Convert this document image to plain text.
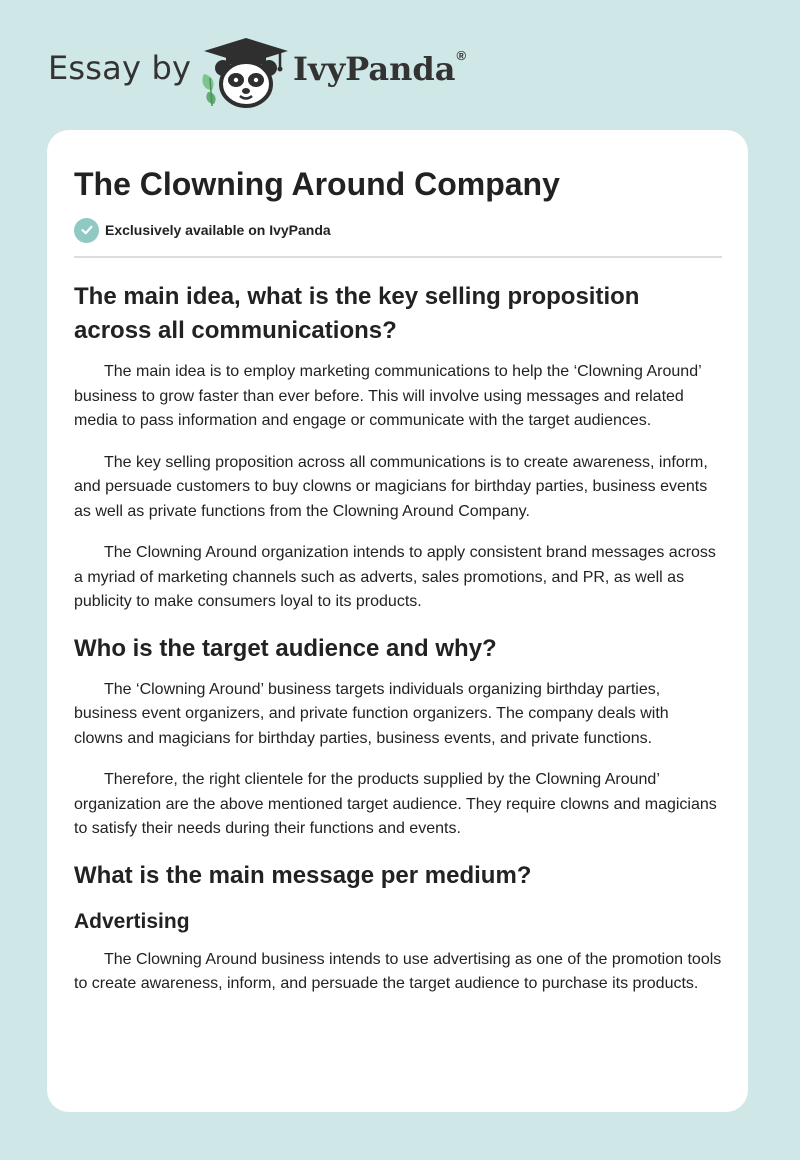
Essay by	IvyPanda®
The Clowning Around Company
Exclusively available on IvyPanda
The main idea, what is the key selling proposition across all communications?

The main idea is to employ marketing communications to help the ‘Clowning Around’ business to grow faster than ever before. This will involve using messages and related media to pass information and engage or communicate with the target audiences.

The key selling proposition across all communications is to create awareness, inform, and persuade customers to buy clowns or magicians for birthday parties, business events as well as private functions from the Clowning Around Company.

The Clowning Around organization intends to apply consistent brand messages across a myriad of marketing channels such as adverts, sales promotions, and PR, as well as publicity to make consumers loyal to its products.

Who is the target audience and why?

The ‘Clowning Around’ business targets individuals organizing birthday parties, business event organizers, and private function organizers. The company deals with clowns and magicians for birthday parties, business events, and private functions.

Therefore, the right clientele for the products supplied by the Clowning Around’ organization are the above mentioned target audience. They require clowns and magicians to satisfy their needs during their functions and events.

What is the main message per medium?
Advertising

The Clowning Around business intends to use advertising as one of the promotion tools to create awareness, inform, and persuade the target audience to purchase its products.
